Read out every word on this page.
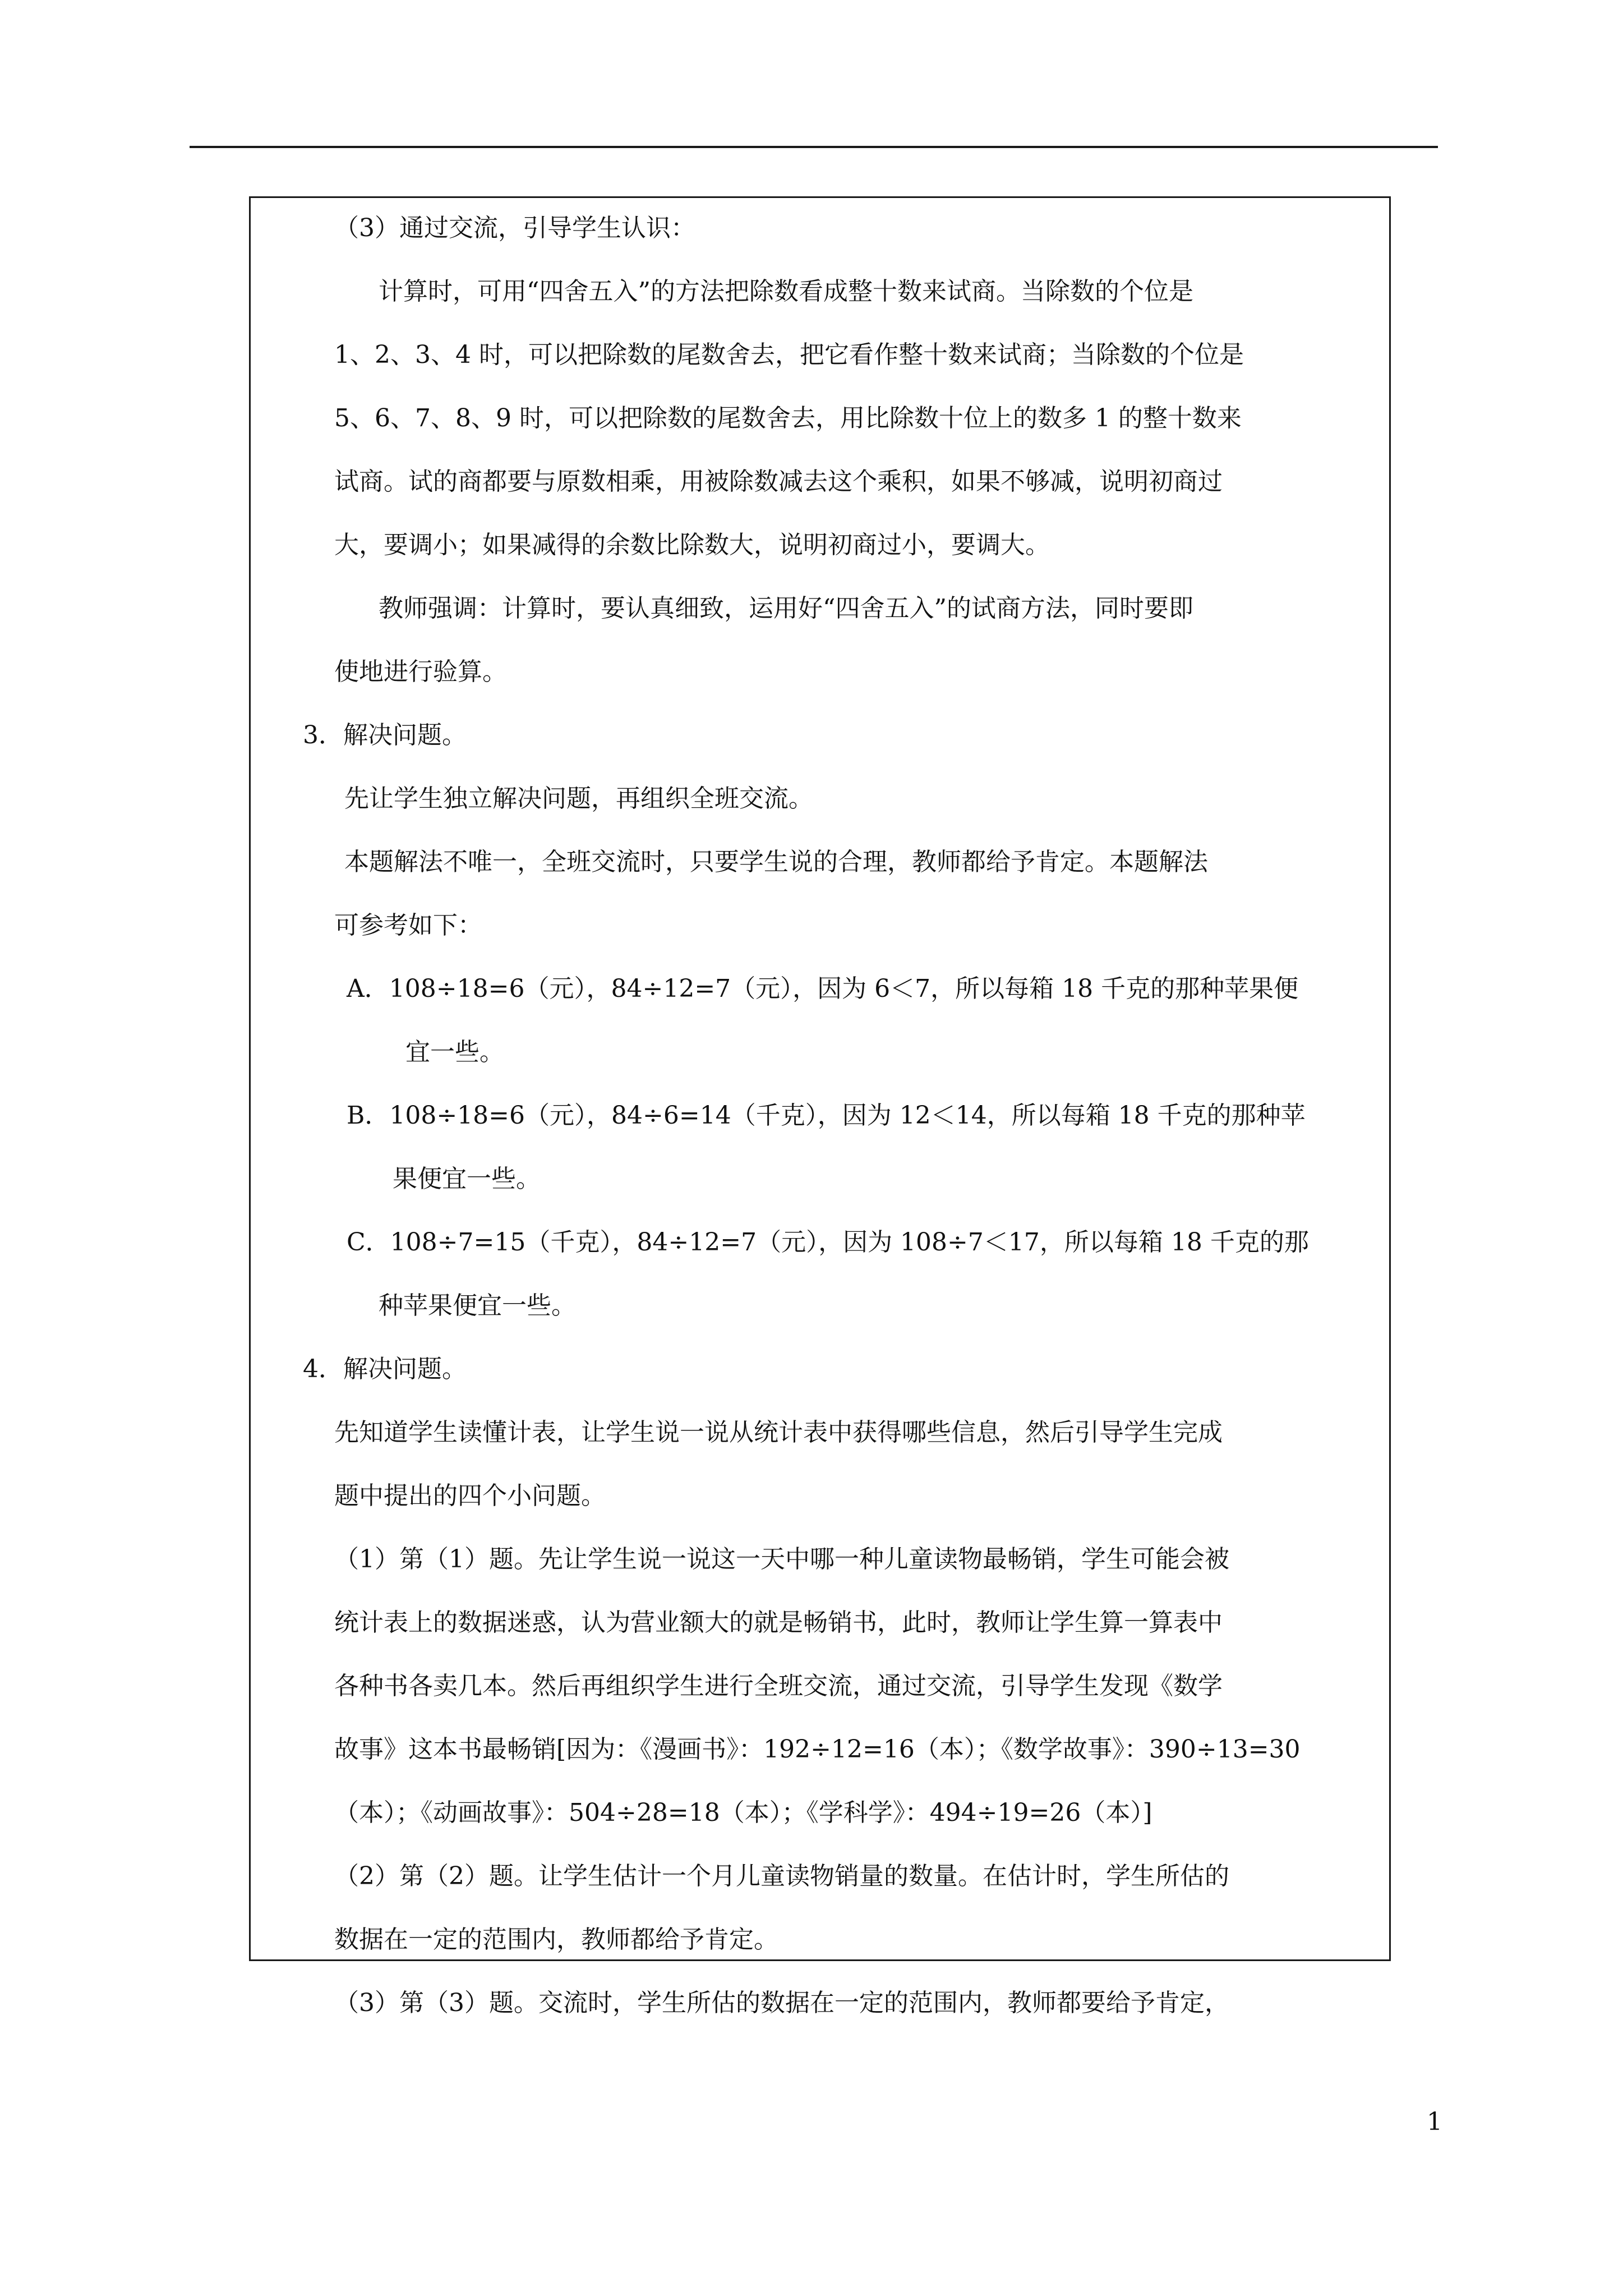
（3）通过交流，引导学生认识：
计算时，可用“四舍五入”的方法把除数看成整十数来试商。当除数的个位是
1、2、3、4 时，可以把除数的尾数舍去，把它看作整十数来试商；当除数的个位是
5、6、7、8、9 时，可以把除数的尾数舍去，用比除数十位上的数多 1 的整十数来
试商。试的商都要与原数相乘，用被除数减去这个乘积，如果不够减，说明初商过
大，要调小；如果减得的余数比除数大，说明初商过小，要调大。
教师强调：计算时，要认真细致，运用好“四舍五入”的试商方法，同时要即
使地进行验算。
3．解决问题。
先让学生独立解决问题，再组织全班交流。
本题解法不唯一，全班交流时，只要学生说的合理，教师都给予肯定。本题解法
可参考如下：
A．108÷18=6（元），84÷12=7（元），因为 6＜7，所以每箱 18 千克的那种苹果便
宜一些。
B．108÷18=6（元），84÷6=14（千克），因为 12＜14，所以每箱 18 千克的那种苹
果便宜一些。
C．108÷7=15（千克），84÷12=7（元），因为 108÷7＜17，所以每箱 18 千克的那
种苹果便宜一些。
4．解决问题。
先知道学生读懂计表，让学生说一说从统计表中获得哪些信息，然后引导学生完成
题中提出的四个小问题。
（1）第（1）题。先让学生说一说这一天中哪一种儿童读物最畅销，学生可能会被
统计表上的数据迷惑，认为营业额大的就是畅销书，此时，教师让学生算一算表中
各种书各卖几本。然后再组织学生进行全班交流，通过交流，引导学生发现《数学
故事》这本书最畅销[因为：《漫画书》：192÷12=16（本）；《数学故事》：390÷13=30
（本）；《动画故事》：504÷28=18（本）；《学科学》：494÷19=26（本）]
（2）第（2）题。让学生估计一个月儿童读物销量的数量。在估计时，学生所估的
数据在一定的范围内，教师都给予肯定。
（3）第（3）题。交流时，学生所估的数据在一定的范围内，教师都要给予肯定，
1
